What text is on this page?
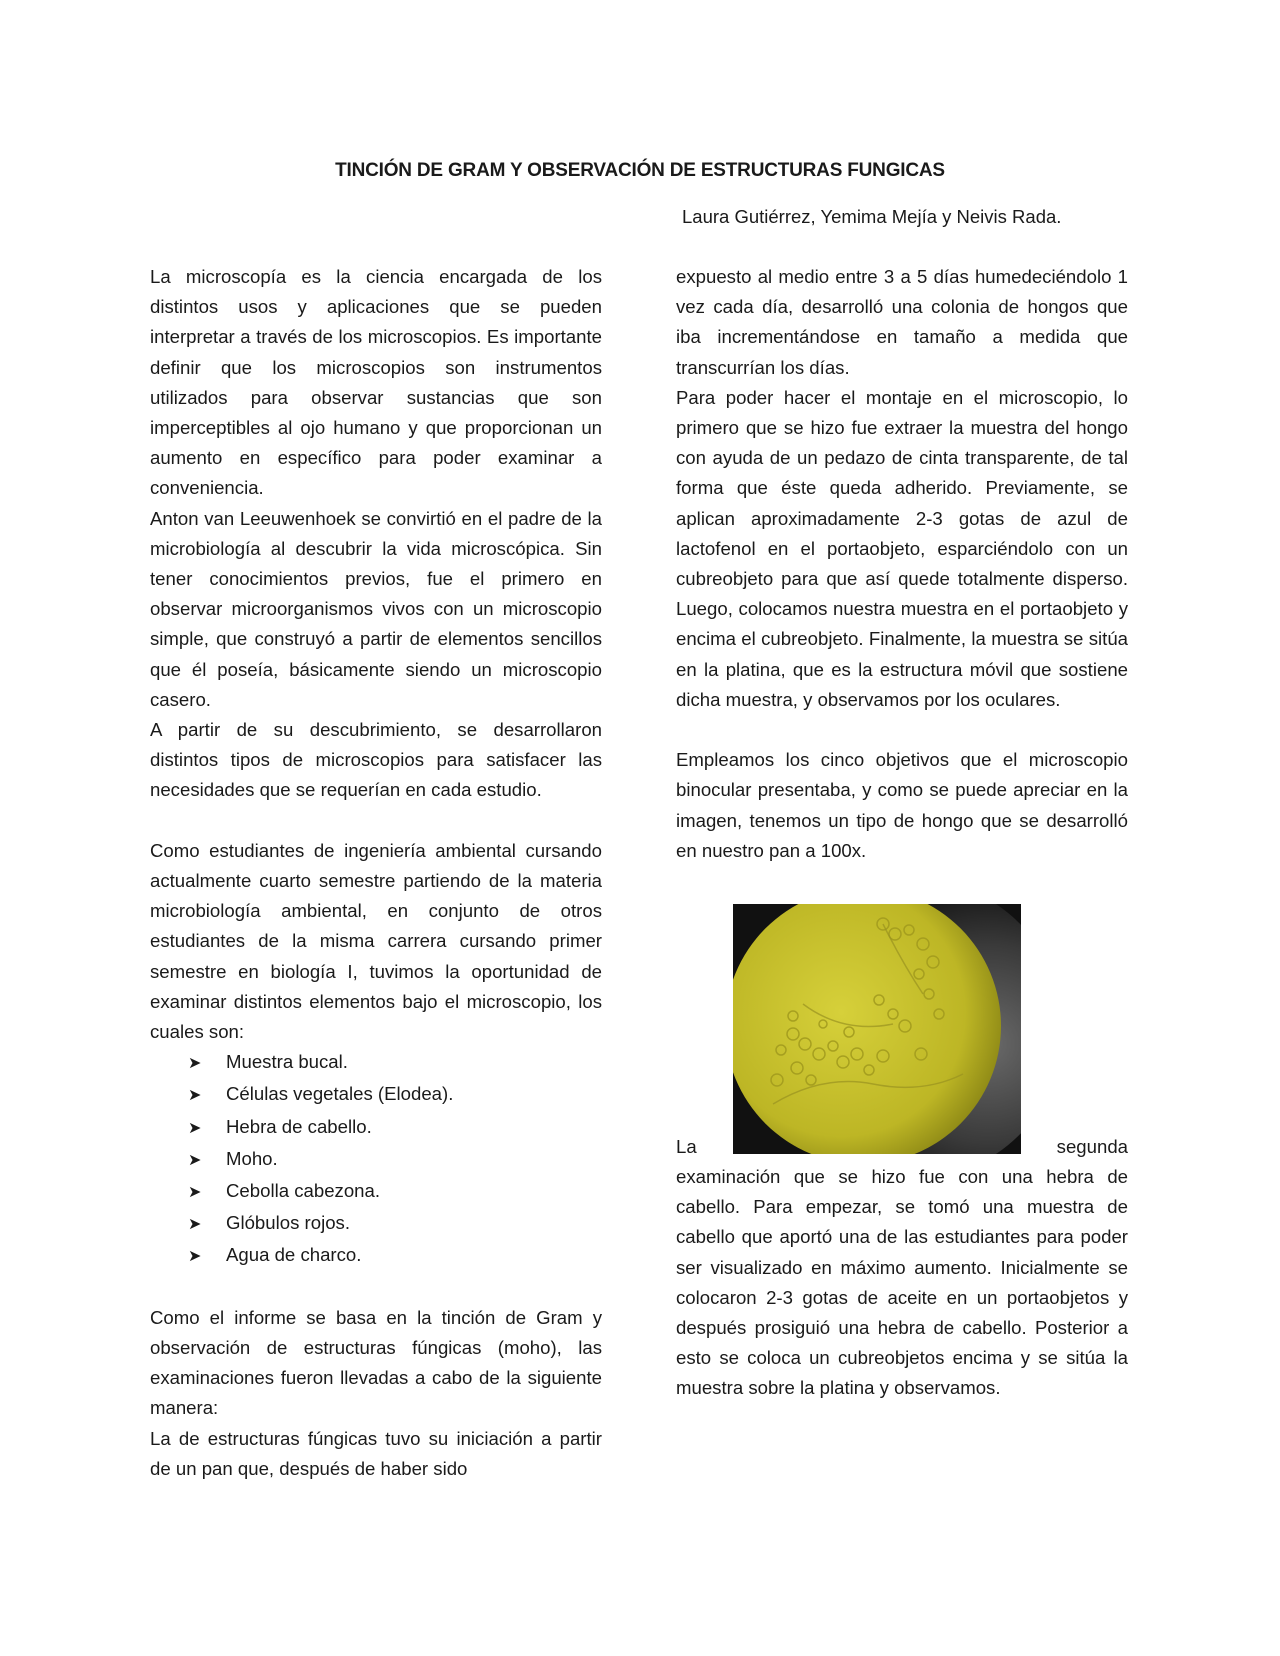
TINCIÓN DE GRAM Y OBSERVACIÓN DE ESTRUCTURAS FUNGICAS
Laura Gutiérrez, Yemima Mejía y Neivis Rada.

La microscopía es la ciencia encargada de los distintos usos y aplicaciones que se pueden interpretar a través de los microscopios. Es importante definir que los microscopios son instrumentos utilizados para observar sustancias que son imperceptibles al ojo humano y que proporcionan un aumento en específico para poder examinar a conveniencia.

Anton van Leeuwenhoek se convirtió en el padre de la microbiología al descubrir la vida microscópica. Sin tener conocimientos previos, fue el primero en observar microorganismos vivos con un microscopio simple, que construyó a partir de elementos sencillos que él poseía, básicamente siendo un microscopio casero.

A partir de su descubrimiento, se desarrollaron distintos tipos de microscopios para satisfacer las necesidades que se requerían en cada estudio.

Como estudiantes de ingeniería ambiental cursando actualmente cuarto semestre partiendo de la materia microbiología ambiental, en conjunto de otros estudiantes de la misma carrera cursando primer semestre en biología I, tuvimos la oportunidad de examinar distintos elementos bajo el microscopio, los cuales son:

➤	Muestra bucal.
➤	Células vegetales (Elodea).
➤	Hebra de cabello.
➤	Moho.
➤	Cebolla cabezona.
➤	Glóbulos rojos.
➤	Agua de charco.

Como el informe se basa en la tinción de Gram y observación de estructuras fúngicas (moho), las examinaciones fueron llevadas a cabo de la siguiente manera:

La de estructuras fúngicas tuvo su iniciación a partir de un pan que, después de haber sido

expuesto al medio entre 3 a 5 días humedeciéndolo 1 vez cada día, desarrolló una colonia de hongos que iba incrementándose en tamaño a medida que transcurrían los días.

Para poder hacer el montaje en el microscopio, lo primero que se hizo fue extraer la muestra del hongo con ayuda de un pedazo de cinta transparente, de tal forma que éste queda adherido. Previamente, se aplican aproximadamente 2-3 gotas de azul de lactofenol en el portaobjeto, esparciéndolo con un cubreobjeto para que así quede totalmente disperso. Luego, colocamos nuestra muestra en el portaobjeto y encima el cubreobjeto. Finalmente, la muestra se sitúa en la platina, que es la estructura móvil que sostiene dicha muestra, y observamos por los oculares.

Empleamos los cinco objetivos que el microscopio binocular presentaba, y como se puede apreciar en la imagen, tenemos un tipo de hongo que se desarrolló en nuestro pan a 100x.

La	segunda

examinación que se hizo fue con una hebra de cabello. Para empezar, se tomó una muestra de cabello que aportó una de las estudiantes para poder ser visualizado en máximo aumento. Inicialmente se colocaron 2-3 gotas de aceite en un portaobjetos y después prosiguió una hebra de cabello. Posterior a esto se coloca un cubreobjetos encima y se sitúa la muestra sobre la platina y observamos.
